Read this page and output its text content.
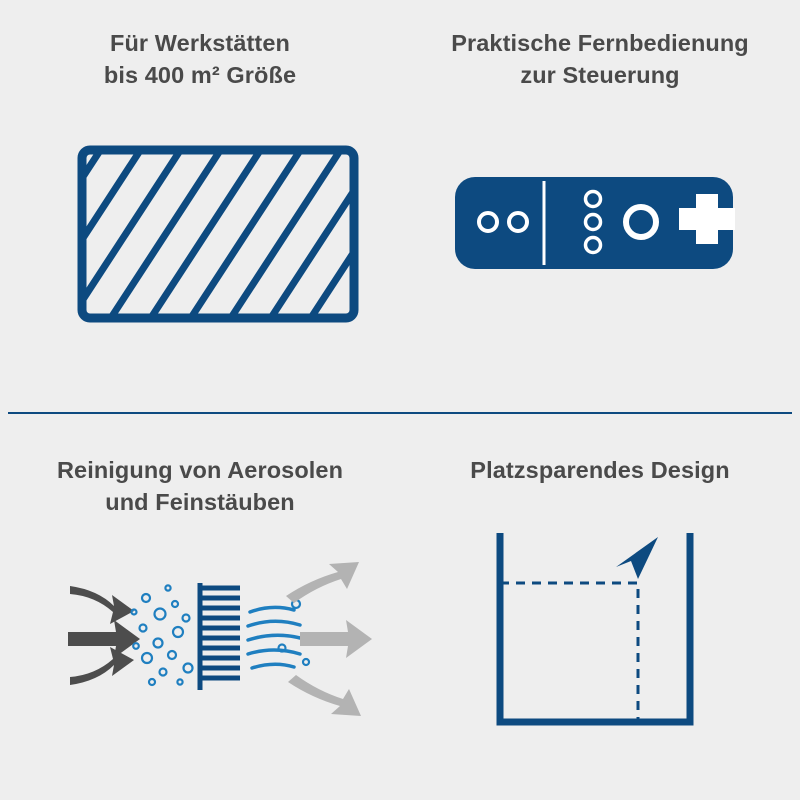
Für Werkstätten
bis 400 m² Größe
Praktische Fernbedienung
zur Steuerung
Reinigung von Aerosolen
und Feinstäuben
Platzsparendes Design
